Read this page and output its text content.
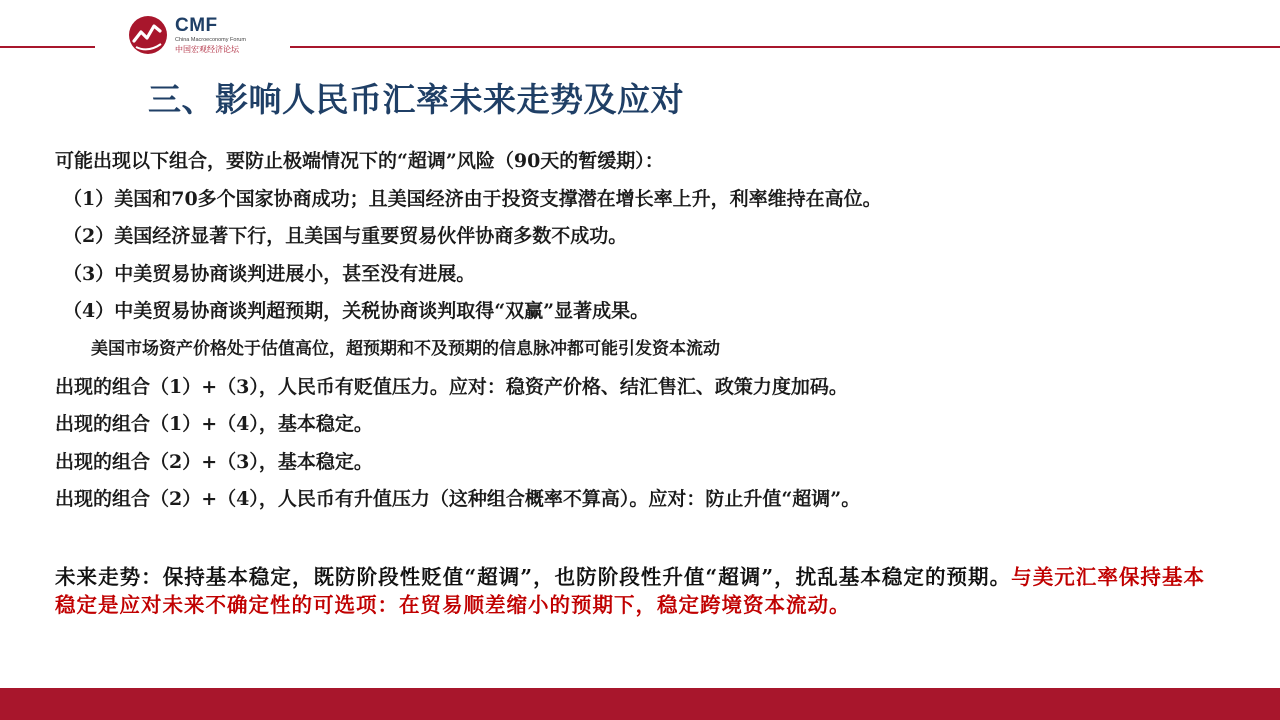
CMF
China Macroeconomy Forum
中国宏观经济论坛
三、影响人民币汇率未来走势及应对
可能出现以下组合，要防止极端情况下的“超调”风险（90天的暂缓期）：
（1）美国和70多个国家协商成功；且美国经济由于投资支撑潜在增长率上升，利率维持在高位。
（2）美国经济显著下行，且美国与重要贸易伙伴协商多数不成功。
（3）中美贸易协商谈判进展小，甚至没有进展。
（4）中美贸易协商谈判超预期，关税协商谈判取得“双赢”显著成果。
美国市场资产价格处于估值高位，超预期和不及预期的信息脉冲都可能引发资本流动
出现的组合（1）+（3），人民币有贬值压力。应对：稳资产价格、结汇售汇、政策力度加码。
出现的组合（1）+（4），基本稳定。
出现的组合（2）+（3），基本稳定。
出现的组合（2）+（4），人民币有升值压力（这种组合概率不算高）。应对：防止升值“超调”。
未来走势：保持基本稳定，既防阶段性贬值“超调”，也防阶段性升值“超调”，扰乱基本稳定的预期。与美元汇率保持基本稳定是应对未来不确定性的可选项：在贸易顺差缩小的预期下，稳定跨境资本流动。
